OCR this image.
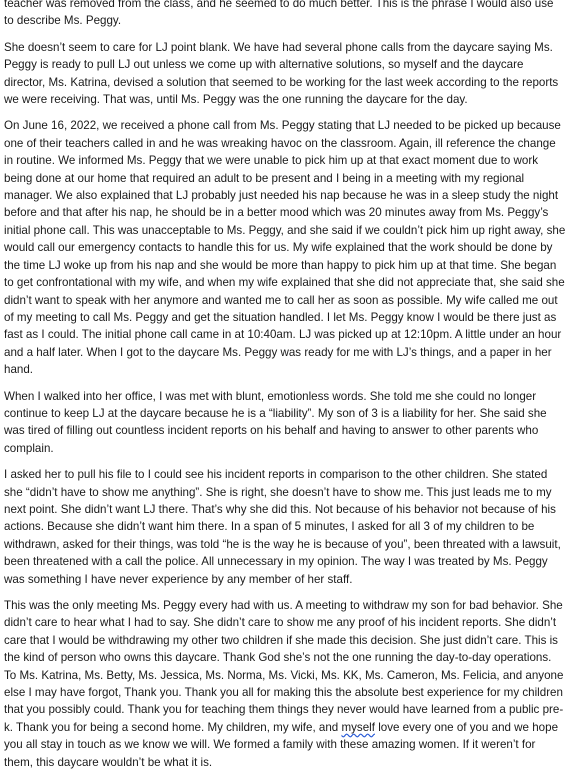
teacher was removed from the class, and he seemed to do much better. This is the phrase I would also use to describe Ms. Peggy.

She doesn’t seem to care for LJ point blank. We have had several phone calls from the daycare saying Ms. Peggy is ready to pull LJ out unless we come up with alternative solutions, so myself and the daycare director, Ms. Katrina, devised a solution that seemed to be working for the last week according to the reports we were receiving. That was, until Ms. Peggy was the one running the daycare for the day.

On June 16, 2022, we received a phone call from Ms. Peggy stating that LJ needed to be picked up because one of their teachers called in and he was wreaking havoc on the classroom. Again, ill reference the change in routine. We informed Ms. Peggy that we were unable to pick him up at that exact moment due to work being done at our home that required an adult to be present and I being in a meeting with my regional manager. We also explained that LJ probably just needed his nap because he was in a sleep study the night before and that after his nap, he should be in a better mood which was 20 minutes away from Ms. Peggy’s initial phone call. This was unacceptable to Ms. Peggy, and she said if we couldn’t pick him up right away, she would call our emergency contacts to handle this for us. My wife explained that the work should be done by the time LJ woke up from his nap and she would be more than happy to pick him up at that time. She began to get confrontational with my wife, and when my wife explained that she did not appreciate that, she said she didn’t want to speak with her anymore and wanted me to call her as soon as possible. My wife called me out of my meeting to call Ms. Peggy and get the situation handled. I let Ms. Peggy know I would be there just as fast as I could. The initial phone call came in at 10:40am. LJ was picked up at 12:10pm. A little under an hour and a half later. When I got to the daycare Ms. Peggy was ready for me with LJ’s things, and a paper in her hand.

When I walked into her office, I was met with blunt, emotionless words. She told me she could no longer continue to keep LJ at the daycare because he is a “liability”. My son of 3 is a liability for her. She said she was tired of filling out countless incident reports on his behalf and having to answer to other parents who complain.

I asked her to pull his file to I could see his incident reports in comparison to the other children. She stated she “didn’t have to show me anything”. She is right, she doesn’t have to show me. This just leads me to my next point. She didn’t want LJ there. That’s why she did this. Not because of his behavior not because of his actions. Because she didn’t want him there. In a span of 5 minutes, I asked for all 3 of my children to be withdrawn, asked for their things, was told “he is the way he is because of you”, been threated with a lawsuit, been threatened with a call the police. All unnecessary in my opinion. The way I was treated by Ms. Peggy was something I have never experience by any member of her staff.

This was the only meeting Ms. Peggy every had with us. A meeting to withdraw my son for bad behavior. She didn’t care to hear what I had to say. She didn’t care to show me any proof of his incident reports. She didn’t care that I would be withdrawing my other two children if she made this decision. She just didn’t care. This is the kind of person who owns this daycare. Thank God she’s not the one running the day-to-day operations. To Ms. Katrina, Ms. Betty, Ms. Jessica, Ms. Norma, Ms. Vicki, Ms. KK, Ms. Cameron, Ms. Felicia, and anyone else I may have forgot, Thank you. Thank you all for making this the absolute best experience for my children that you possibly could. Thank you for teaching them things they never would have learned from a public pre-k. Thank you for being a second home. My children, my wife, and myself love every one of you and we hope you all stay in touch as we know we will. We formed a family with these amazing women. If it weren’t for them, this daycare wouldn’t be what it is.
